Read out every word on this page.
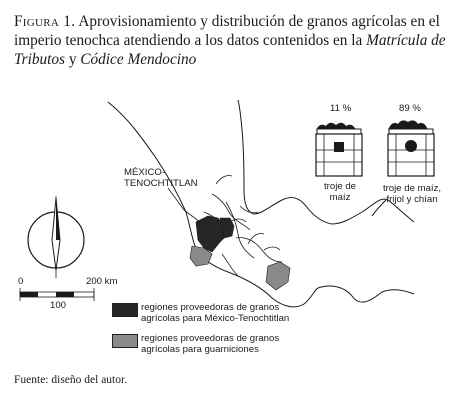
Figura 1. Aprovisionamiento y distribución de granos agrícolas en el imperio tenochca atendiendo a los datos contenidos en la Matrícula de Tributos y Códice Mendocino
MÉXICO-
TENOCHTITLAN
11 %	89 %
troje de
maíz
troje de maíz,
frijol y chían
0	200 km
100	regiones proveedoras de granos
agrícolas para México-Tenochtitlan
regiones proveedoras de granos
agrícolas para guarniciones
Fuente: diseño del autor.
